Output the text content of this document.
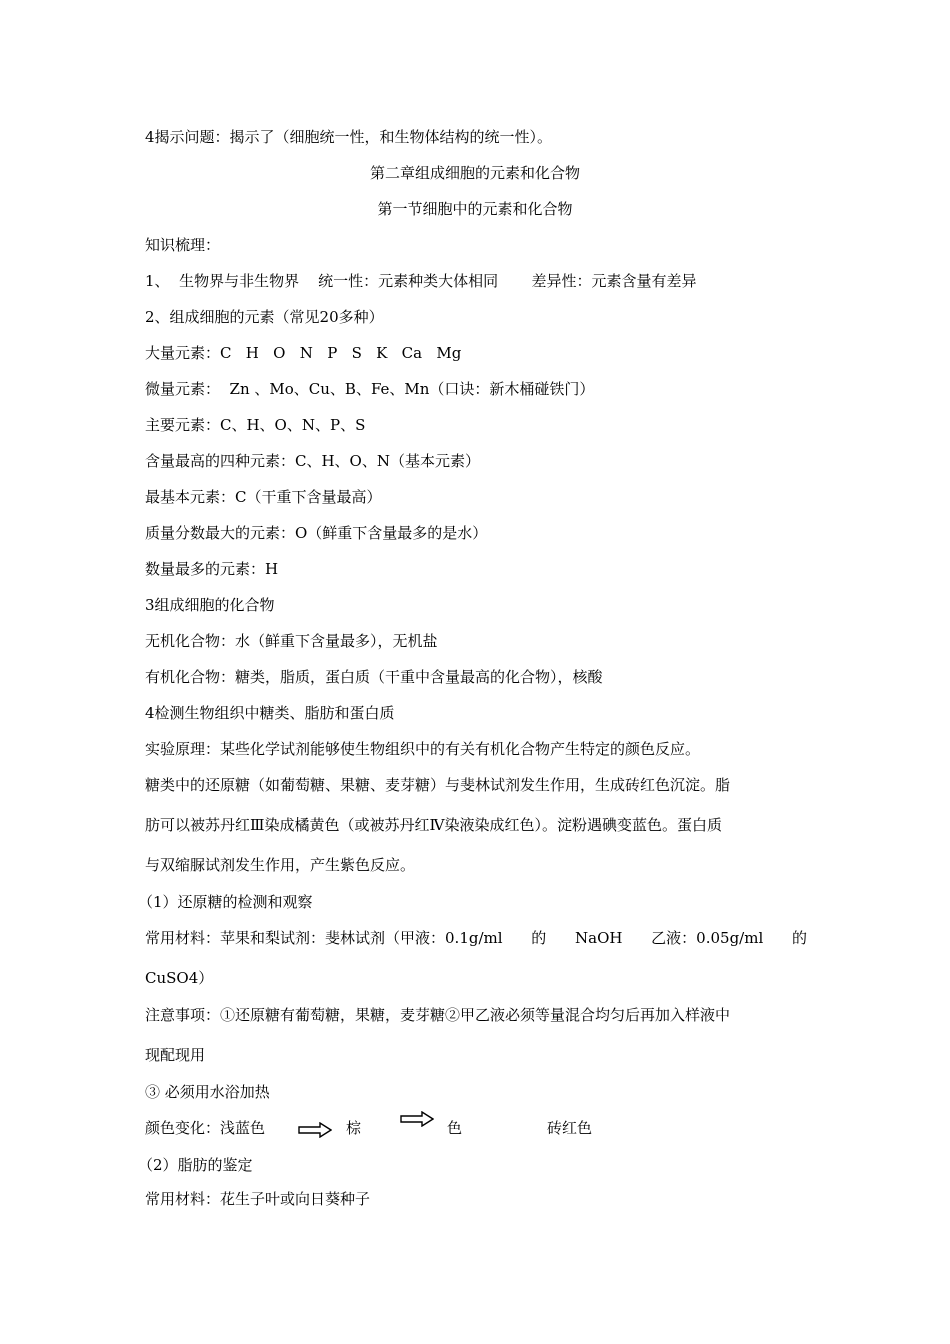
4揭示问题：揭示了（细胞统一性，和生物体结构的统一性）。
第二章组成细胞的元素和化合物
第一节细胞中的元素和化合物
知识梳理：
1、  生物界与非生物界    统一性：元素种类大体相同       差异性：元素含量有差异
2、组成细胞的元素（常见20多种）
大量元素：C   H   O   N   P   S   K   Ca   Mg
微量元素：  Zn 、Mo、Cu、B、Fe、Mn（口诀：新木桶碰铁门）
主要元素：C、H、O、N、P、S
含量最高的四种元素：C、H、O、N（基本元素）
最基本元素：C（干重下含量最高）
质量分数最大的元素：O（鲜重下含量最多的是水）
数量最多的元素：H
3组成细胞的化合物
无机化合物：水（鲜重下含量最多），无机盐
有机化合物：糖类，脂质，蛋白质（干重中含量最高的化合物），核酸
4检测生物组织中糖类、脂肪和蛋白质
实验原理：某些化学试剂能够使生物组织中的有关有机化合物产生特定的颜色反应。
糖类中的还原糖（如葡萄糖、果糖、麦芽糖）与斐林试剂发生作用，生成砖红色沉淀。脂
肪可以被苏丹红Ⅲ染成橘黄色（或被苏丹红Ⅳ染液染成红色）。淀粉遇碘变蓝色。蛋白质
与双缩脲试剂发生作用，产生紫色反应。
（1）还原糖的检测和观察
常用材料：苹果和梨试剂：斐林试剂（甲液：0.1g/ml 的 NaOH 乙液：0.05g/ml 的
CuSO4）
注意事项：①还原糖有葡萄糖，果糖，麦芽糖②甲乙液必须等量混合均匀后再加入样液中
现配现用
③ 必须用水浴加热
颜色变化：浅蓝色	棕	色	砖红色
（2）脂肪的鉴定
常用材料：花生子叶或向日葵种子
